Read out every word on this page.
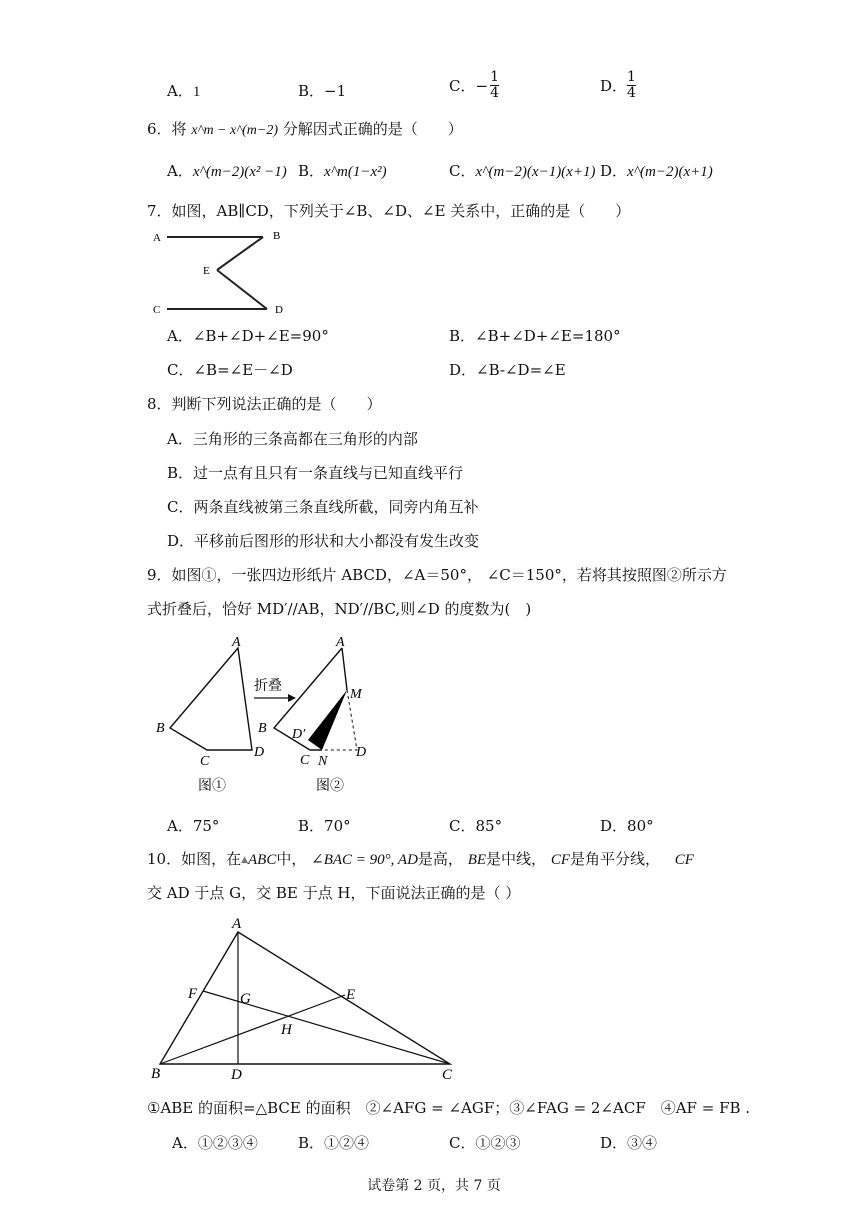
A．1	B．−1	C．− $\frac{1}{4}$	D． $\frac{1}{4}$
6．将 x^m − x^(m−2) 分解因式正确的是（　　）
A．x^(m−2)(x² −1) B．x^m(1−x²)	C．x^(m−2)(x−1)(x+1) D．x^(m−2)(x+1)
7．如图，AB∥CD，下列关于∠B、∠D、∠E 关系中，正确的是（　　）
A	B
E
C	D
A．∠B+∠D+∠E=90°	B．∠B+∠D+∠E=180°
C．∠B=∠E－∠D	D．∠B-∠D=∠E
8．判断下列说法正确的是（　　）
A．三角形的三条高都在三角形的内部
B．过一点有且只有一条直线与已知直线平行
C．两条直线被第三条直线所截，同旁内角互补
D．平移前后图形的形状和大小都没有发生改变
9．如图①，一张四边形纸片 ABCD，∠A＝50°， ∠C＝150°，若将其按照图②所示方
式折叠后，恰好 MD′//AB，ND′//BC,则∠D 的度数为(　)
A
B
C
D
折叠
A
M
B D′
C N
D
图①	图②
A．75°	B．70°	C．85°	D．80°
10．如图，在▲ABC中， ∠BAC = 90°, AD是高， BE是中线， CF是角平分线， CF
交 AD 于点 G，交 BE 于点 H，下面说法正确的是（ ）
A
B	D	C
F	G	E
H
①ABE 的面积=△BCE 的面积　②∠AFG = ∠AGF；③∠FAG = 2∠ACF　④AF = FB .
A．①②③④	B．①②④	C．①②③	D．③④
试卷第 2 页，共 7 页
